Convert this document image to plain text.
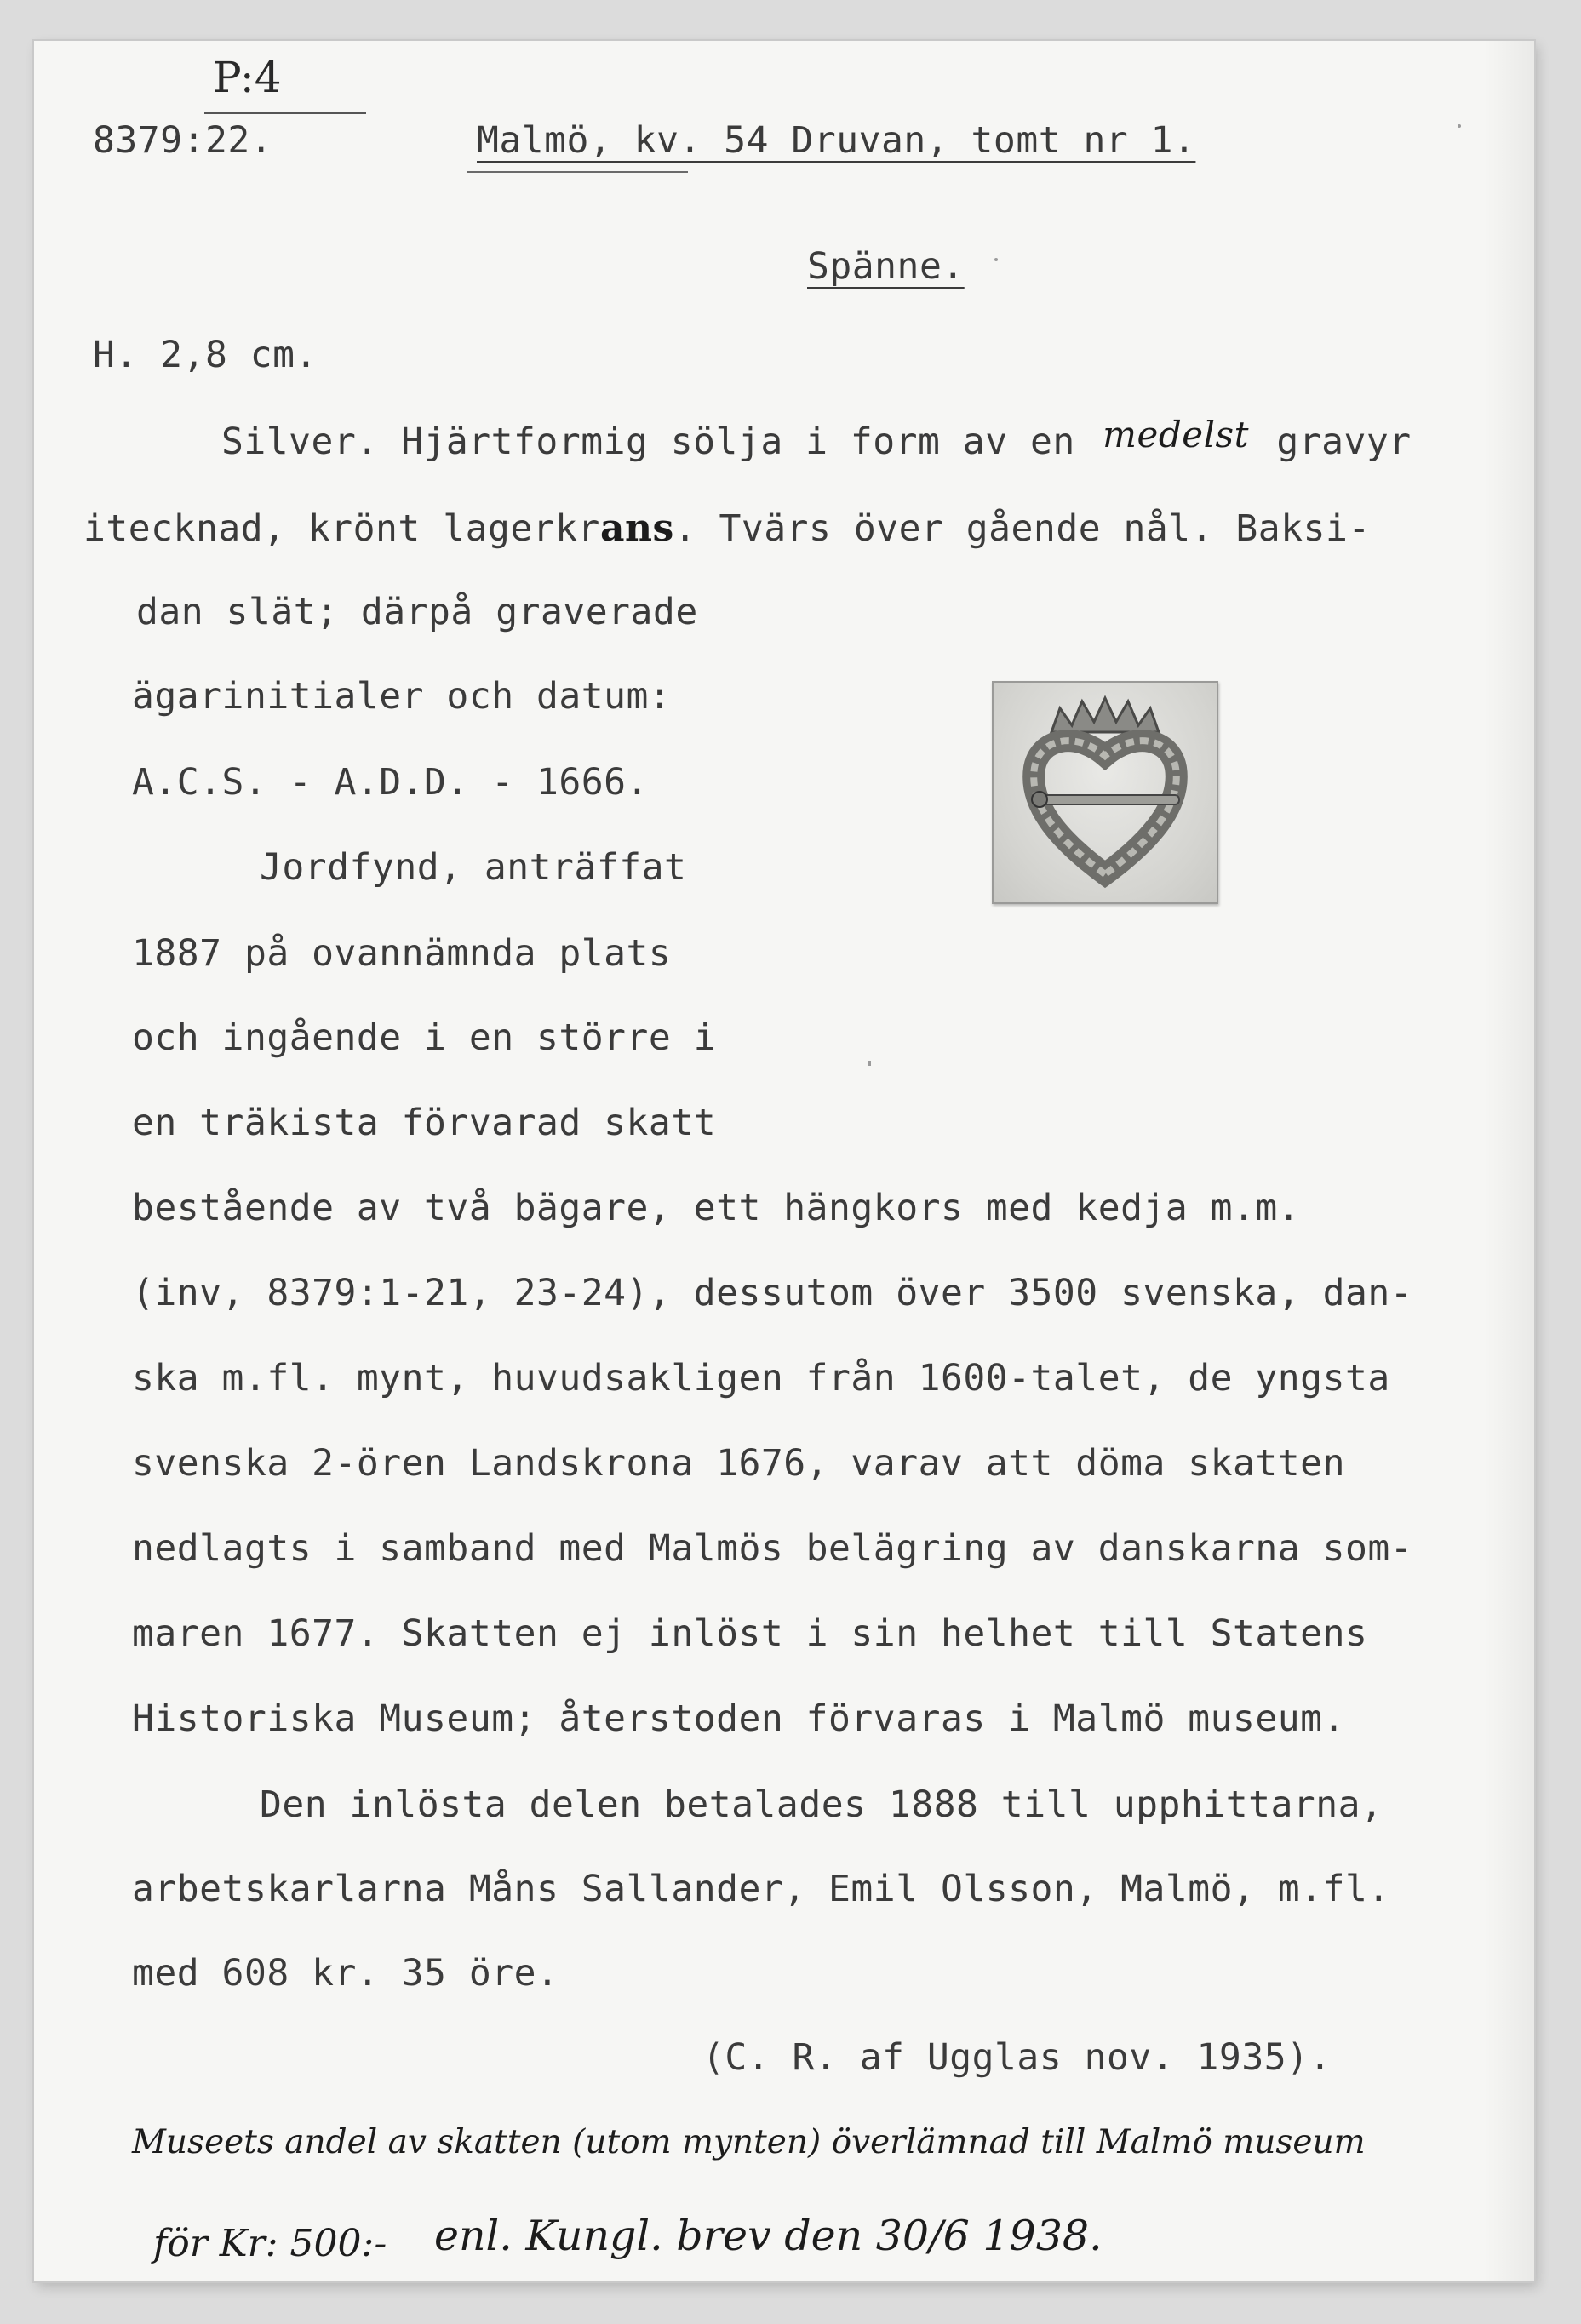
P:4

8379:22.	Malmö, kv. 54 Druvan, tomt nr 1.

Spänne.

H. 2,8 cm.

Silver. Hjärtformig sölja i form av en medelst gravyr

itecknad, krönt lagerkrans. Tvärs över gående nål. Baksi-

dan slät; därpå graverade

ägarinitialer och datum:

A.C.S. - A.D.D. - 1666.

Jordfynd, anträffat

1887 på ovannämnda plats

och ingående i en större i

en träkista förvarad skatt

bestående av två bägare, ett hängkors med kedja m.m.

(inv, 8379:1-21, 23-24), dessutom över 3500 svenska, dan-

ska m.fl. mynt, huvudsakligen från 1600-talet, de yngsta

svenska 2-ören Landskrona 1676, varav att döma skatten

nedlagts i samband med Malmös belägring av danskarna som-

maren 1677. Skatten ej inlöst i sin helhet till Statens

Historiska Museum; återstoden förvaras i Malmö museum.

Den inlösta delen betalades 1888 till upphittarna,

arbetskarlarna Måns Sallander, Emil Olsson, Malmö, m.fl.

med 608 kr. 35 öre.

(C. R. af Ugglas nov. 1935).

Museets andel av skatten (utom mynten) överlämnad till Malmö museum

för Kr: 500:- enl. Kungl. brev den 30/6 1938.
